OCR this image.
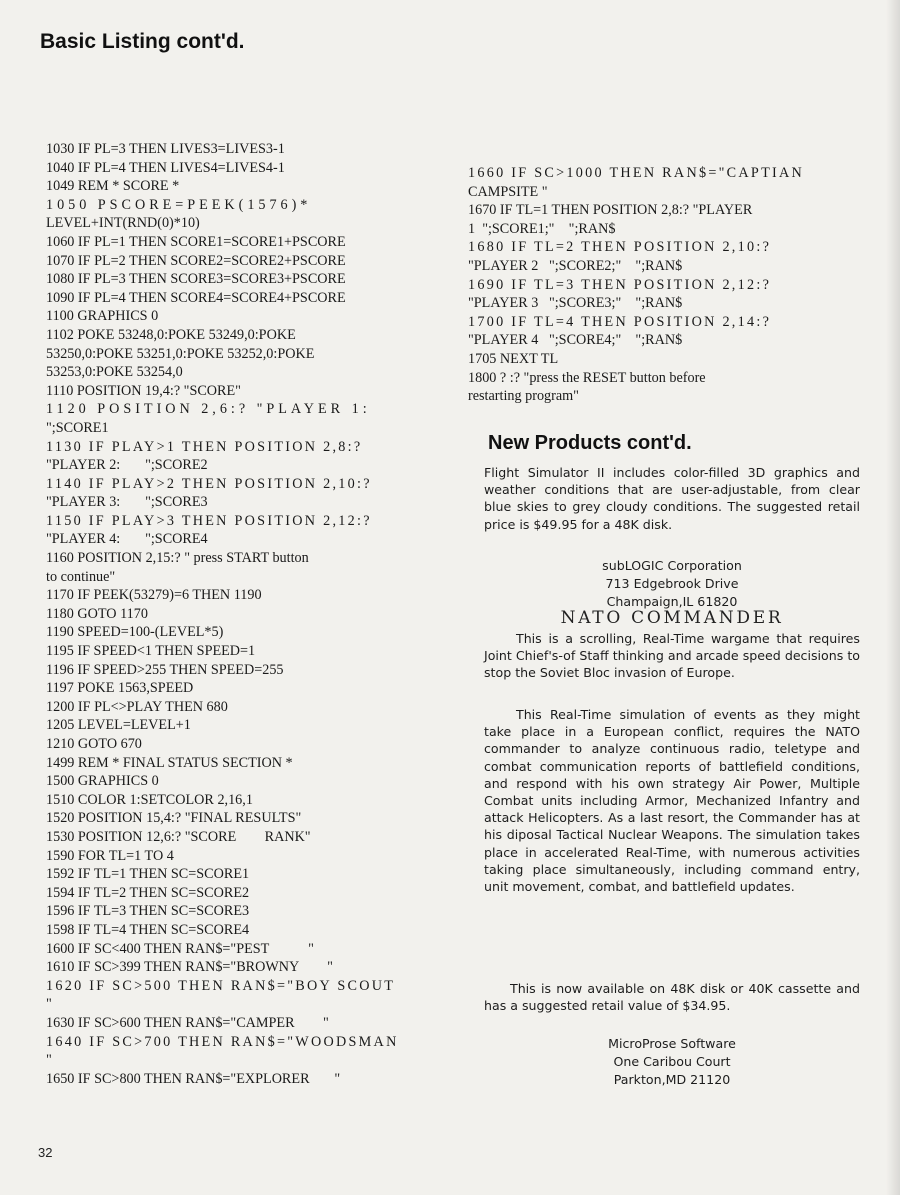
Basic Listing cont'd.
1030 IF PL=3 THEN LIVES3=LIVES3-1
1040 IF PL=4 THEN LIVES4=LIVES4-1
1049 REM * SCORE *
1050 PSCORE=PEEK(1576)*
LEVEL+INT(RND(0)*10)
1060 IF PL=1 THEN SCORE1=SCORE1+PSCORE
1070 IF PL=2 THEN SCORE2=SCORE2+PSCORE
1080 IF PL=3 THEN SCORE3=SCORE3+PSCORE
1090 IF PL=4 THEN SCORE4=SCORE4+PSCORE
1100 GRAPHICS 0
1102 POKE 53248,0:POKE 53249,0:POKE
53250,0:POKE 53251,0:POKE 53252,0:POKE
53253,0:POKE 53254,0
1110 POSITION 19,4:? "SCORE"
1120 POSITION 2,6:? "PLAYER 1:
";SCORE1
1130 IF PLAY>1 THEN POSITION 2,8:?
"PLAYER 2:       ";SCORE2
1140 IF PLAY>2 THEN POSITION 2,10:?
"PLAYER 3:       ";SCORE3
1150 IF PLAY>3 THEN POSITION 2,12:?
"PLAYER 4:       ";SCORE4
1160 POSITION 2,15:? " press START button
to continue"
1170 IF PEEK(53279)=6 THEN 1190
1180 GOTO 1170
1190 SPEED=100-(LEVEL*5)
1195 IF SPEED<1 THEN SPEED=1
1196 IF SPEED>255 THEN SPEED=255
1197 POKE 1563,SPEED
1200 IF PL<>PLAY THEN 680
1205 LEVEL=LEVEL+1
1210 GOTO 670
1499 REM * FINAL STATUS SECTION *
1500 GRAPHICS 0
1510 COLOR 1:SETCOLOR 2,16,1
1520 POSITION 15,4:? "FINAL RESULTS"
1530 POSITION 12,6:? "SCORE        RANK"
1590 FOR TL=1 TO 4
1592 IF TL=1 THEN SC=SCORE1
1594 IF TL=2 THEN SC=SCORE2
1596 IF TL=3 THEN SC=SCORE3
1598 IF TL=4 THEN SC=SCORE4
1600 IF SC<400 THEN RAN$="PEST           "
1610 IF SC>399 THEN RAN$="BROWNY        "
1620 IF SC>500 THEN RAN$="BOY SCOUT
"
1630 IF SC>600 THEN RAN$="CAMPER        "
1640 IF SC>700 THEN RAN$="WOODSMAN
"
1650 IF SC>800 THEN RAN$="EXPLORER       "
1660 IF SC>1000 THEN RAN$="CAPTIAN
CAMPSITE "
1670 IF TL=1 THEN POSITION 2,8:? "PLAYER
1  ";SCORE1;"    ";RAN$
1680 IF TL=2 THEN POSITION 2,10:?
"PLAYER 2   ";SCORE2;"    ";RAN$
1690 IF TL=3 THEN POSITION 2,12:?
"PLAYER 3   ";SCORE3;"    ";RAN$
1700 IF TL=4 THEN POSITION 2,14:?
"PLAYER 4   ";SCORE4;"    ";RAN$
1705 NEXT TL
1800 ? :? "press the RESET button before
restarting program"
New Products cont'd.

Flight Simulator II includes color-filled 3D graphics and weather conditions that are user-adjustable, from clear blue skies to grey cloudy conditions. The suggested retail price is $49.95 for a 48K disk.

subLOGIC Corporation
713 Edgebrook Drive
Champaign,IL 61820
NATO COMMANDER

This is a scrolling, Real-Time wargame that requires Joint Chief's-of Staff thinking and arcade speed decisions to stop the Soviet Bloc invasion of Europe.

This Real-Time simulation of events as they might take place in a European conflict, requires the NATO commander to analyze continuous radio, teletype and combat communication reports of battlefield conditions, and respond with his own strategy Air Power, Multiple Combat units including Armor, Mechanized Infantry and attack Helicopters. As a last resort, the Commander has at his diposal Tactical Nuclear Weapons. The simulation takes place in accelerated Real-Time, with numerous activities taking place simultaneously, including command entry, unit movement, combat, and battlefield updates.

This is now available on 48K disk or 40K cassette and has a suggested retail value of $34.95.

MicroProse Software
One Caribou Court
Parkton,MD 21120
32
